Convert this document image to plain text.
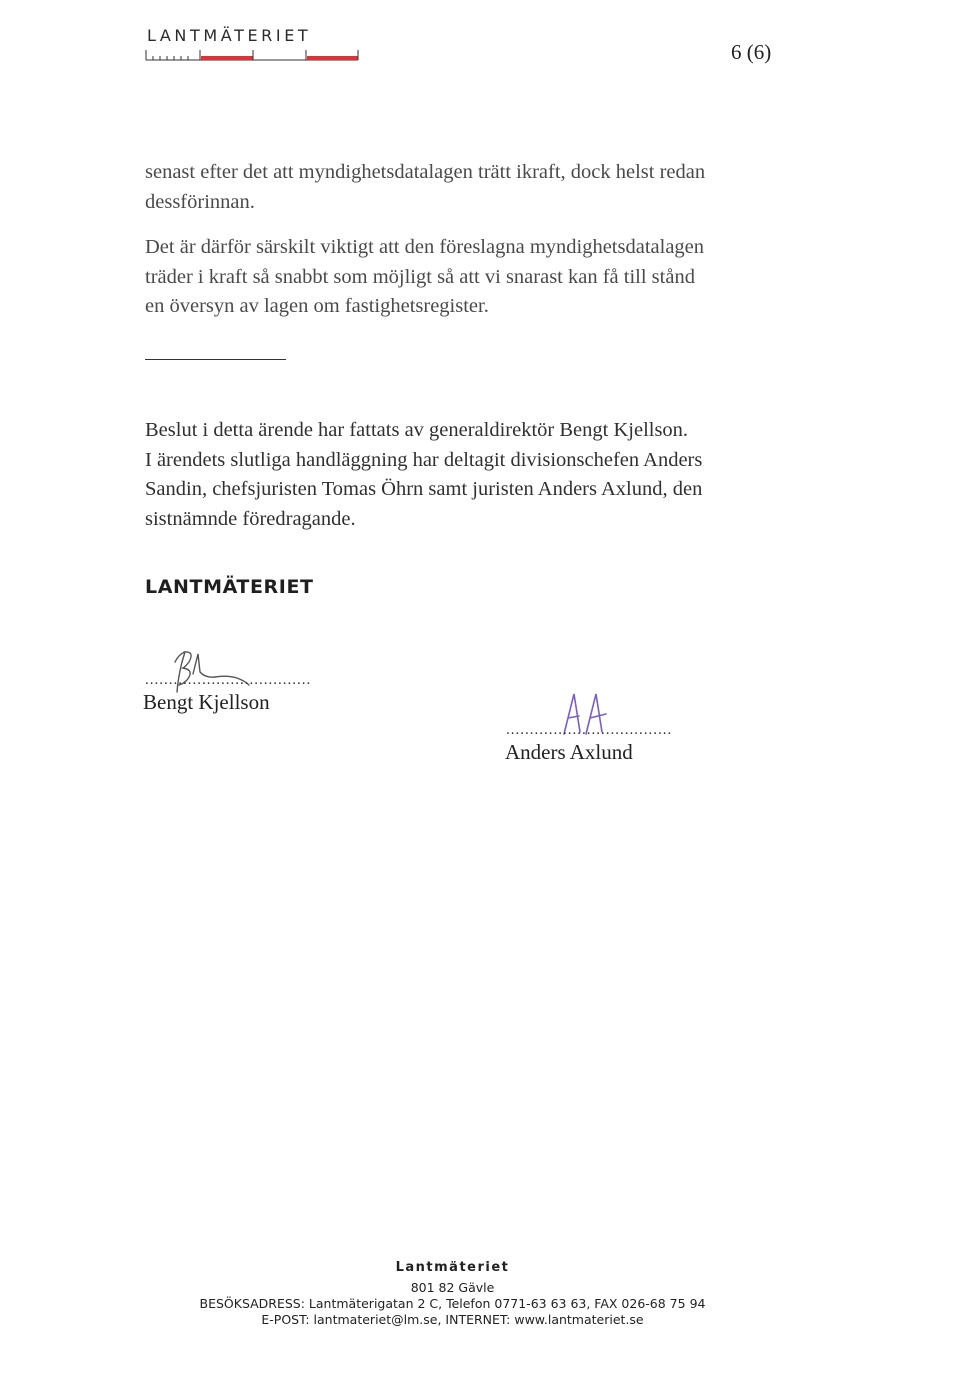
LANTMÄTERIET
6 (6)

senast efter det att myndighetsdatalagen trätt ikraft, dock helst redan
dessförinnan.

Det är därför särskilt viktigt att den föreslagna myndighetsdatalagen
träder i kraft så snabbt som möjligt så att vi snarast kan få till stånd
en översyn av lagen om fastighetsregister.

Beslut i detta ärende har fattats av generaldirektör Bengt Kjellson.
I ärendets slutliga handläggning har deltagit divisionschefen Anders
Sandin, chefsjuristen Tomas Öhrn samt juristen Anders Axlund, den
sistnämnde föredragande.

LANTMÄTERIET
...................................
Bengt Kjellson
...................................
Anders Axlund
Lantmäteriet
801 82 Gävle
BESÖKSADRESS: Lantmäterigatan 2 C, Telefon 0771-63 63 63, FAX 026-68 75 94
E-POST: lantmateriet@lm.se, INTERNET: www.lantmateriet.se
